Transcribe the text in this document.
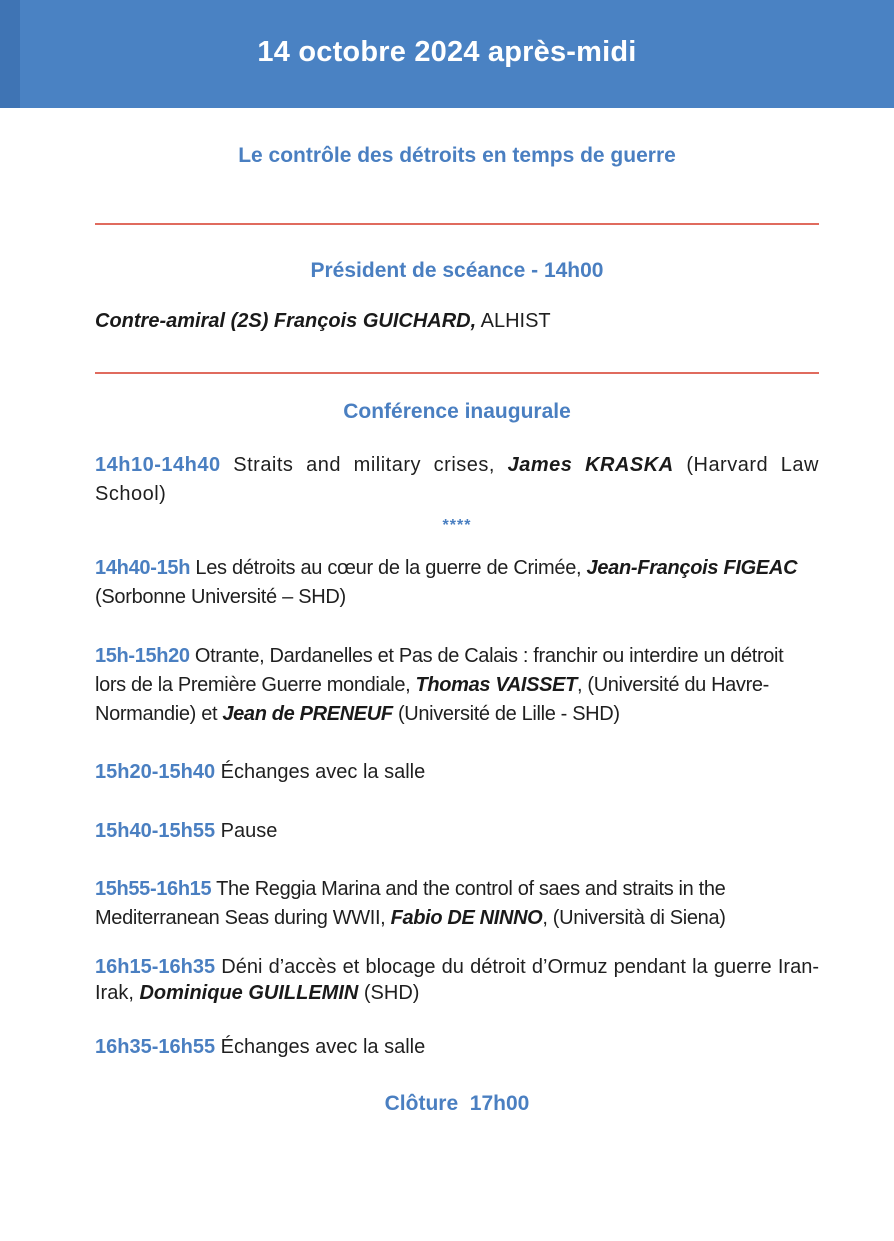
14 octobre 2024 après-midi
Le contrôle des détroits en temps de guerre
Président de scéance - 14h00
Contre-amiral (2S) François GUICHARD, ALHIST
Conférence inaugurale
14h10-14h40 Straits and military crises, James KRASKA (Harvard Law School)
****
14h40-15h Les détroits au cœur de la guerre de Crimée, Jean-François FIGEAC (Sorbonne Université – SHD)
15h-15h20 Otrante, Dardanelles et Pas de Calais : franchir ou interdire un détroit lors de la Première Guerre mondiale, Thomas VAISSET, (Université du Havre-Normandie) et Jean de PRENEUF (Université de Lille - SHD)
15h20-15h40 Échanges avec la salle
15h40-15h55 Pause
15h55-16h15 The Reggia Marina and the control of saes and straits in the Mediterranean Seas during WWII, Fabio DE NINNO, (Università di Siena)
16h15-16h35 Déni d’accès et blocage du détroit d’Ormuz pendant la guerre Iran-Irak, Dominique GUILLEMIN (SHD)
16h35-16h55 Échanges avec la salle
Clôture  17h00
